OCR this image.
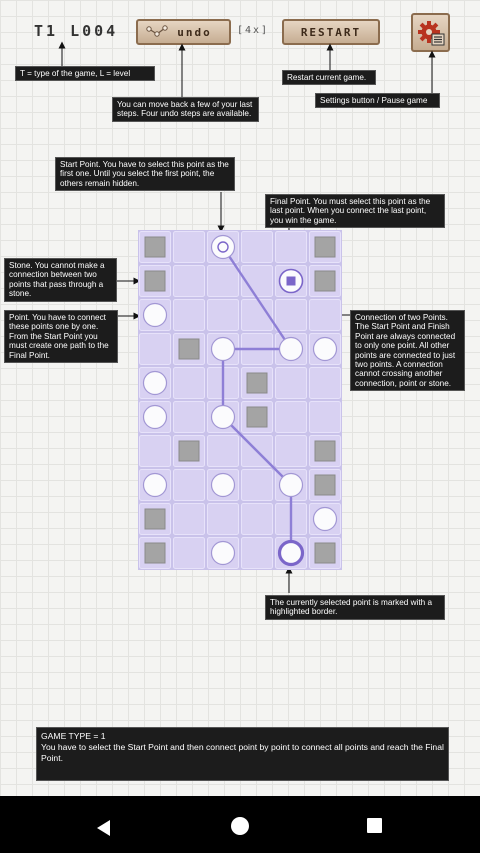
T1 L004	undo	[4x]	RESTART
T = type of the game, L = level
You can move back a few of your last steps. Four undo steps are available.
Restart current game.
Settings button / Pause game
Start Point. You have to select this point as the first one. Until you select the first point, the others remain hidden.
Final Point. You must select this point as the last point. When you connect the last point, you win the game.
Stone. You cannot make a connection between two points that pass through a stone.
Point. You have to connect these points one by one. From the Start Point you must create one path to the Final Point.
Connection of two Points. The Start Point and Finish Point are always connected to only one point. All other points are connected to just two points. A connection cannot crossing another connection, point or stone.
The currently selected point is marked with a highlighted border.
GAME TYPE = 1
You have to select the Start Point and then connect point by point to connect all points and reach the Final Point.
